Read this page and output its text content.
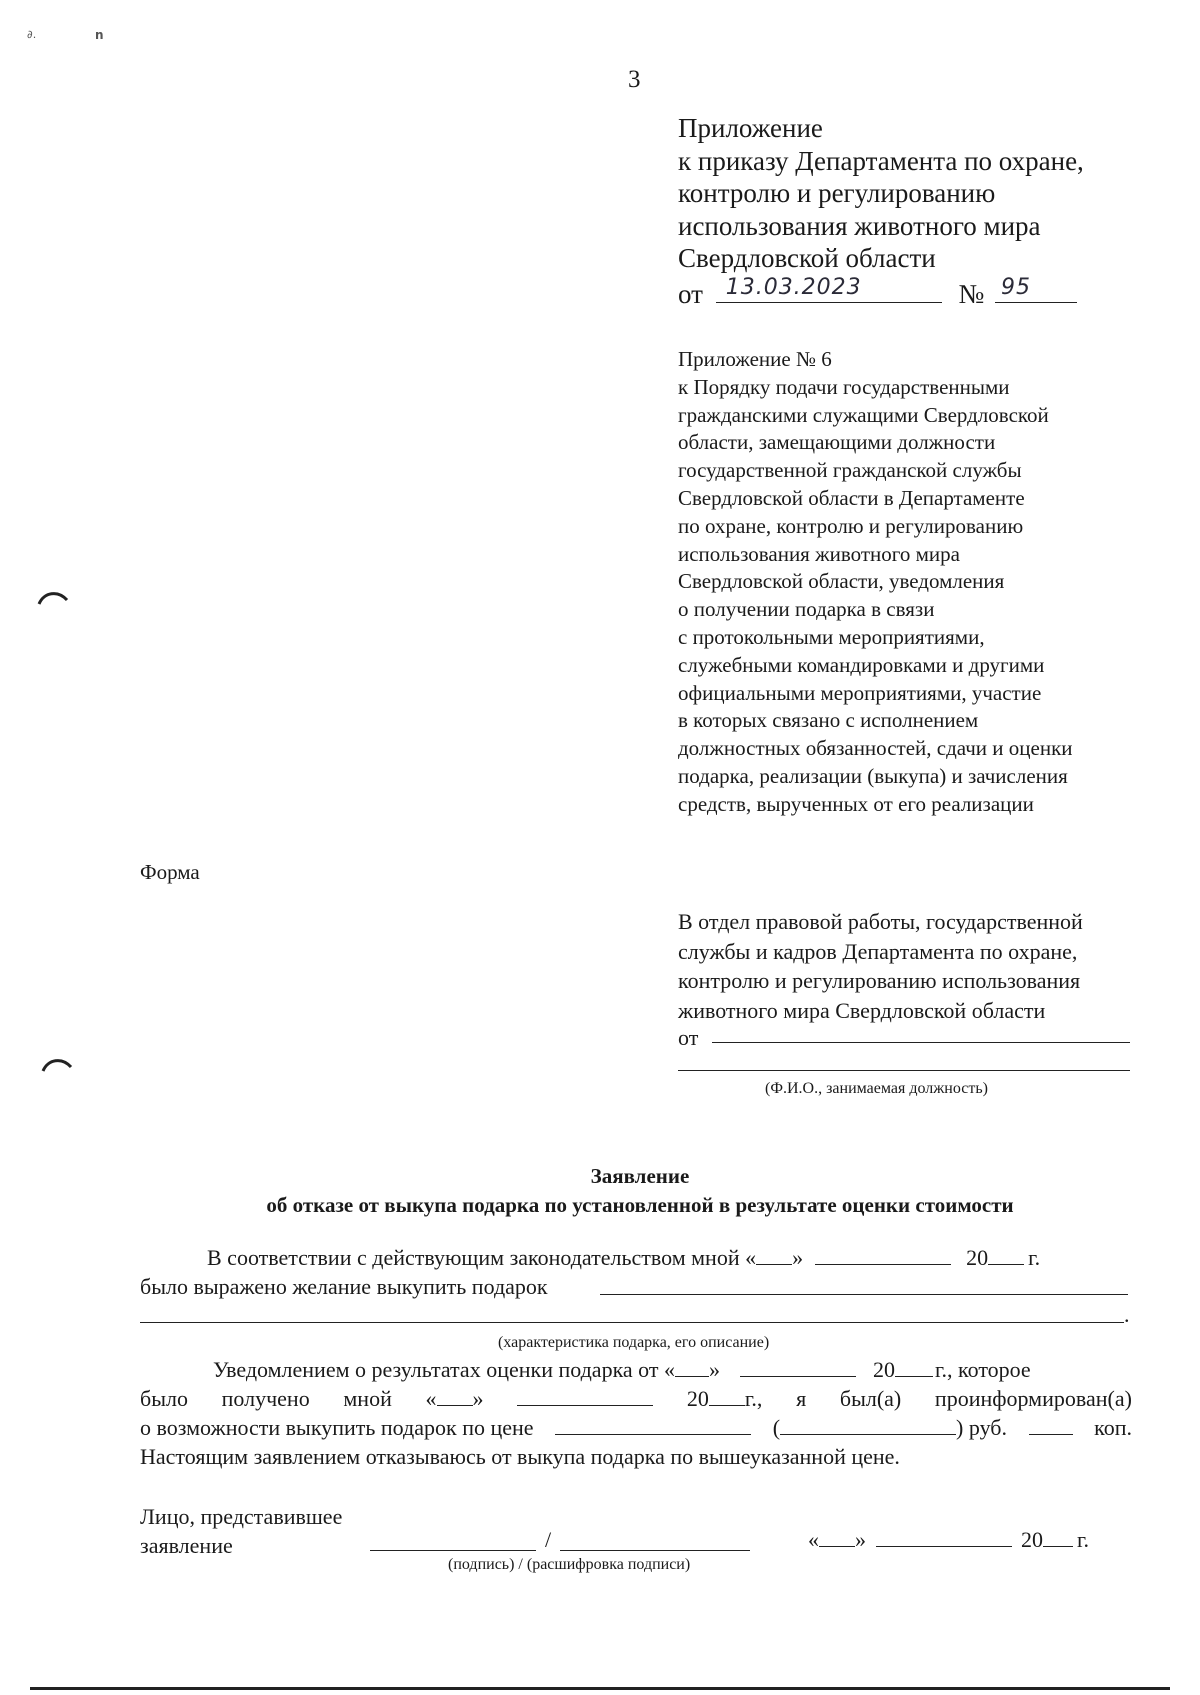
∂.	n
3
Приложение
к приказу Департамента по охране,
контролю и регулированию
использования животного мира
Свердловской области
от 13.03.2023	№ 95
Приложение № 6
к Порядку подачи государственными
гражданскими служащими Свердловской
области, замещающими должности
государственной гражданской службы
Свердловской области в Департаменте
по охране, контролю и регулированию
использования животного мира
Свердловской области, уведомления
о получении подарка в связи
с протокольными мероприятиями,
служебными командировками и другими
официальными мероприятиями, участие
в которых связано с исполнением
должностных обязанностей, сдачи и оценки
подарка, реализации (выкупа) и зачисления
средств, вырученных от его реализации
Форма
В отдел правовой работы, государственной
службы и кадров Департамента по охране,
контролю и регулированию использования
животного мира Свердловской области
от
(Ф.И.О., занимаемая должность)
Заявление
об отказе от выкупа подарка по установленной в результате оценки стоимости
В соответствии с действующим законодательством мной « »	20 г.
было выражено желание выкупить подарок
.
(характеристика подарка, его описание)
Уведомлением о результатах оценки подарка от « »	20 г., которое
было получено мной « »	20 г., я был(а) проинформирован(а)
о возможности выкупить подарок по цене	(	) руб.	коп.
Настоящим заявлением отказываюсь от выкупа подарка по вышеуказанной цене.
Лицо, представившее
заявление	/	« »	20 г.
(подпись) / (расшифровка подписи)
